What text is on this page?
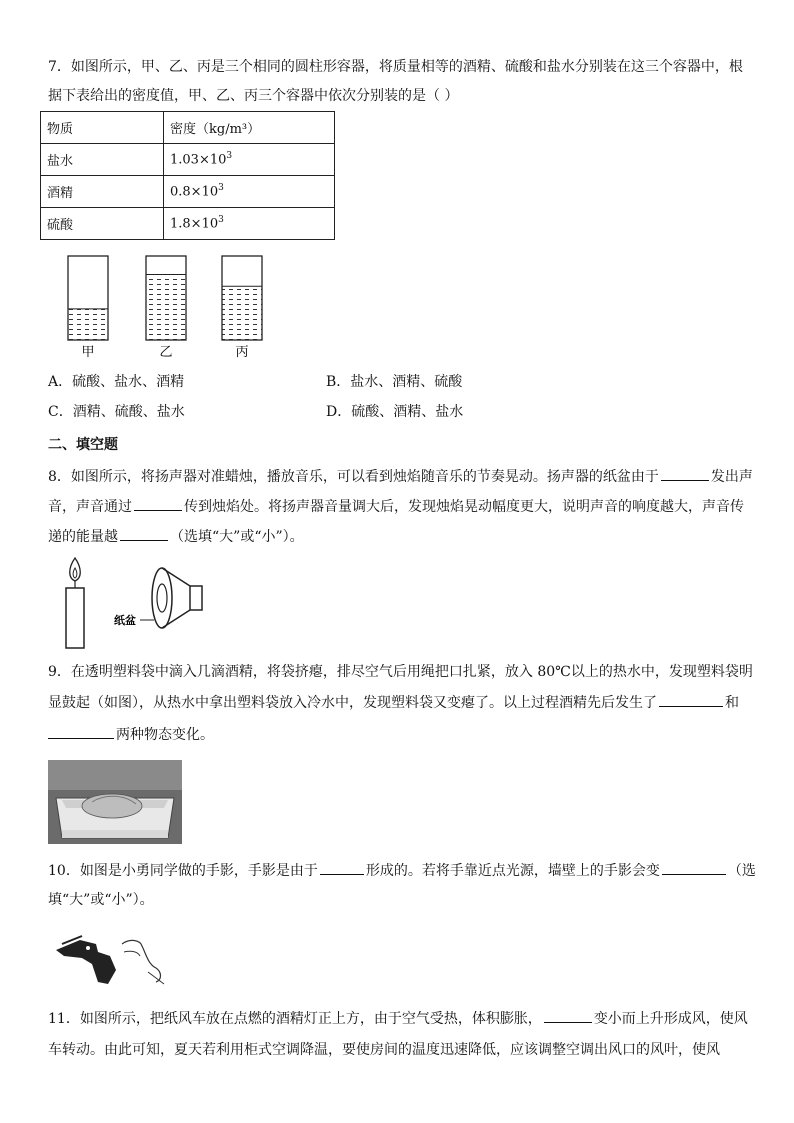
7．如图所示，甲、乙、丙是三个相同的圆柱形容器，将质量相等的酒精、硫酸和盐水分别装在这三个容器中，根
据下表给出的密度值，甲、乙、丙三个容器中依次分别装的是（ ）
物质	密度（kg/m³）
盐水	$1.03\times 10^3$
酒精	$0.8\times 10^3$
硫酸	$1.8\times 10^3$
甲	乙	丙
A．硫酸、盐水、酒精	B．盐水、酒精、硫酸
C．酒精、硫酸、盐水	D．硫酸、酒精、盐水
二、填空题
8．如图所示，将扬声器对准蜡烛，播放音乐，可以看到烛焰随音乐的节奏晃动。扬声器的纸盆由于	发出声
音，声音通过	传到烛焰处。将扬声器音量调大后，发现烛焰晃动幅度更大，说明声音的响度越大，声音传
递的能量越	（选填“大”或“小”）。
纸盆
9．在透明塑料袋中滴入几滴酒精，将袋挤瘪，排尽空气后用绳把口扎紧，放入 80℃以上的热水中，发现塑料袋明
显鼓起（如图），从热水中拿出塑料袋放入冷水中，发现塑料袋又变瘪了。以上过程酒精先后发生了	和
两种物态变化。
10．如图是小勇同学做的手影，手影是由于	形成的。若将手靠近点光源，墙壁上的手影会变	（选
填“大”或“小”）。
11．如图所示，把纸风车放在点燃的酒精灯正上方，由于空气受热，体积膨胀，	变小而上升形成风，使风
车转动。由此可知，夏天若利用柜式空调降温，要使房间的温度迅速降低，应该调整空调出风口的风叶，使风
